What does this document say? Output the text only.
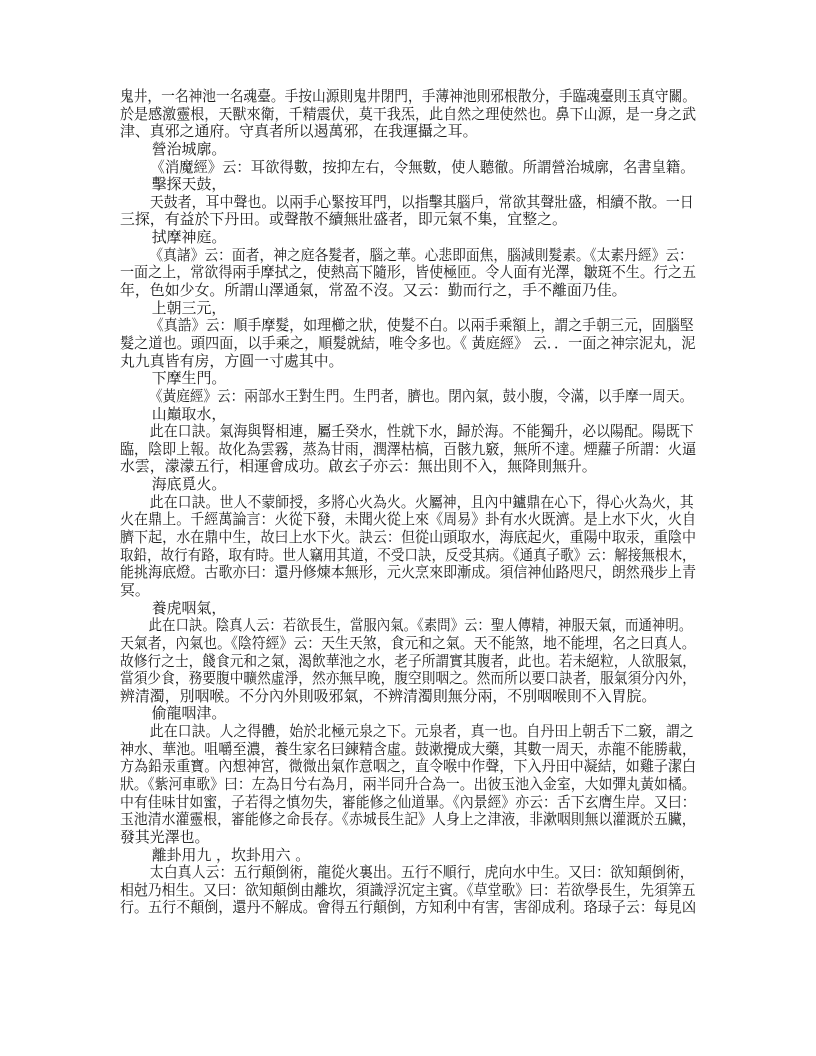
鬼井，一名神池一名魂臺。手按山源則鬼井閉門，手薄神池則邪根散分，手臨魂臺則玉真守關。
於是感激靈根，天獸來衛，千精震伏，莫干我炁，此自然之理使然也。鼻下山源，是一身之武
津、真邪之通府。守真者所以遏萬邪，在我運攝之耳。
營治城廓。
《消魔經》云：耳欲得數，按抑左右，令無數，使人聽徹。所謂營治城廓，名書皇籍。
擊探天鼓，
天鼓者，耳中聲也。以兩手心緊按耳門，以指擊其腦戶，常欲其聲壯盛，相續不散。一日
三探，有益於下丹田。或聲散不續無壯盛者，即元氣不集，宜整之。
拭摩神庭。
《真諸》云：面者，神之庭各髮者，腦之華。心悲即面焦，腦減則髮素。《太素丹經》云：
一面之上，常欲得兩手摩拭之，使熱高下隨形，皆使極匝。令人面有光澤，皺斑不生。行之五
年，色如少女。所謂山澤通氣，常盈不沒。又云：勤而行之，手不離面乃佳。
上朝三元，
《真誥》云：順手摩髮，如理櫛之狀，使髮不白。以兩手乘額上，謂之手朝三元，固腦堅
髮之道也。頭四面，以手乘之，順髮就結，唯令多也。《 黃庭經》 云．．一面之神宗泥丸，泥
丸九真皆有房，方圓一寸處其中。
下摩生門。
《黃庭經》云：兩部水王對生門。生門者，臍也。閉內氣，鼓小腹，令滿，以手摩一周天。
山巔取水，
此在口訣。氣海與腎相連，屬壬癸水，性就下水，歸於海。不能獨升，必以陽配。陽既下
臨，陰即上報。故化為雲霧，蒸為甘雨，潤澤枯槁，百骸九竅，無所不達。煙蘿子所謂：火逼
水雲，濛濛五行，相運會成功。啟玄子亦云：無出則不入，無降則無升。
海底覓火。
此在口訣。世人不蒙師授，多將心火為火。火屬神，且內中鑪鼎在心下，得心火為火，其
火在鼎上。千經萬論言：火從下發，未聞火從上來《周易》卦有水火既濟。是上水下火，火自
臍下起，水在鼎中生，故曰上水下火。訣云：但從山頭取水，海底起火，重陽中取汞，重陰中
取鉛，故行有路，取有時。世人竊用其道，不受口訣，反受其病。《通真子歌》云：解接無根木，
能挑海底燈。古歌亦曰：還丹修煉本無形，元火烹來即漸成。須信神仙路咫尺，朗然飛步上青
冥。
養虎咽氣，
此在口訣。陰真人云：若欲長生，當服內氣。《素問》云：聖人傳精，神服天氣，而通神明。
天氣者，內氣也。《陰符經》云：天生天煞，食元和之氣。天不能煞，地不能埋，名之曰真人。
故修行之士，餞食元和之氣，渴飲華池之水，老子所謂實其腹者，此也。若未絕粒，人欲服氣，
當須少食，務要腹中曠然虛淨，然亦無早晚，腹空則咽之。然而所以要口訣者，服氣須分內外，
辨清濁，別咽喉。不分內外則吸邪氣，不辨清濁則無分兩，不別咽喉則不入胃脘。
偷龍咽津。
此在口訣。人之得體，始於北極元泉之下。元泉者，真一也。自丹田上朝舌下二竅，謂之
神水、華池。咀嚼至濃，養生家名曰鍊精含虛。鼓漱攪成大藥，其數一周天，赤龍不能勝載，
方為鉛汞重寶。內想神宮，微微出氣作意咽之，直令喉中作聲，下入丹田中凝結，如雞子潔白
狀。《紫河車歌》曰：左為日兮右為月，兩半同升合為一。出彼玉池入金室，大如彈丸黃如橘。
中有佳味甘如蜜，子若得之慎勿失，審能修之仙道畢。《內景經》亦云：舌下玄膺生岸。又曰：
玉池清水灌靈根，審能修之命長存。《赤城長生記》人身上之津液，非漱咽則無以灌溉於五臟，
發其光澤也。
離卦用九 ，坎卦用六 。
太白真人云：五行顛倒術，龍從火裏出。五行不順行，虎向水中生。又曰：欲知顛倒術，
相尅乃相生。又曰：欲知顛倒由離坎，須識浮沉定主賓。《草堂歌》曰：若欲學長生，先須筭五
行。五行不顛倒，還丹不解成。會得五行顛倒，方知利中有害，害卻成利。珞琭子云：每見凶
